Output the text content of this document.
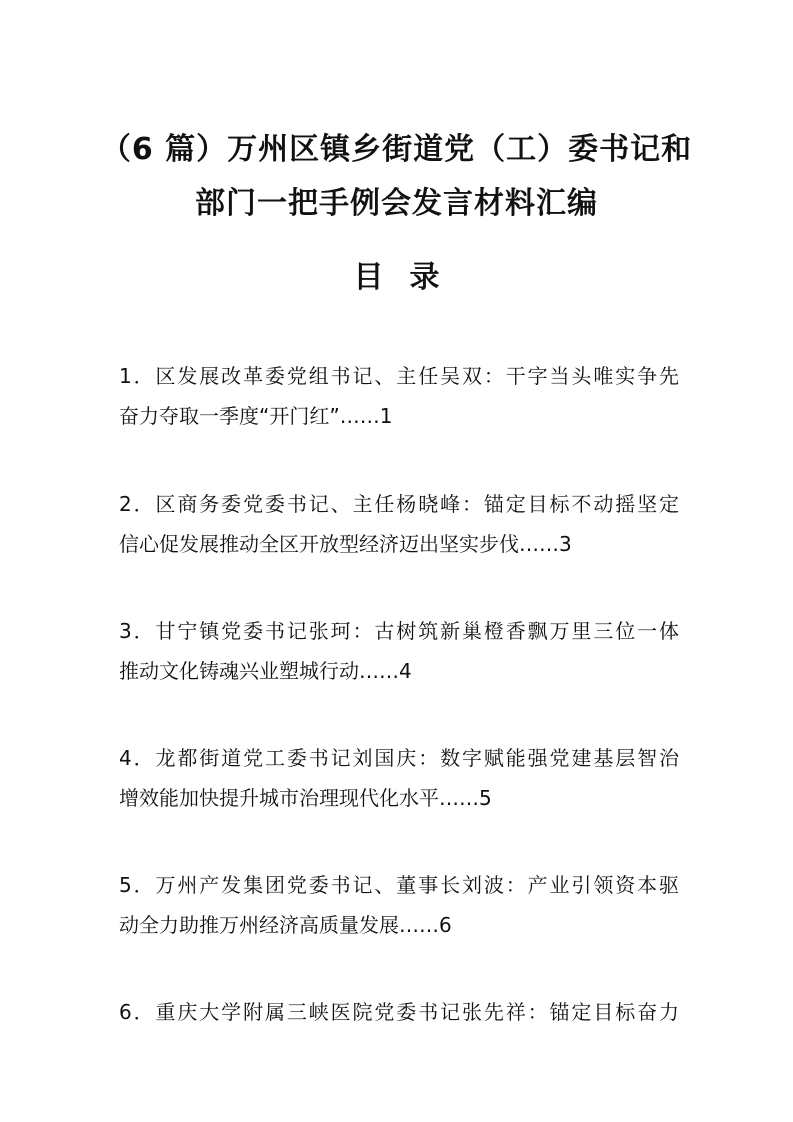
（6 篇）万州区镇乡街道党（工）委书记和
部门一把手例会发言材料汇编
目录
1．区发展改革委党组书记、主任吴双：干字当头唯实争先
奋力夺取一季度“开门红”……1
2．区商务委党委书记、主任杨晓峰：锚定目标不动摇坚定
信心促发展推动全区开放型经济迈出坚实步伐……3
3．甘宁镇党委书记张珂：古树筑新巢橙香飘万里三位一体
推动文化铸魂兴业塑城行动……4
4．龙都街道党工委书记刘国庆：数字赋能强党建基层智治
增效能加快提升城市治理现代化水平……5
5．万州产发集团党委书记、董事长刘波：产业引领资本驱
动全力助推万州经济高质量发展……6
6．重庆大学附属三峡医院党委书记张先祥：锚定目标奋力
